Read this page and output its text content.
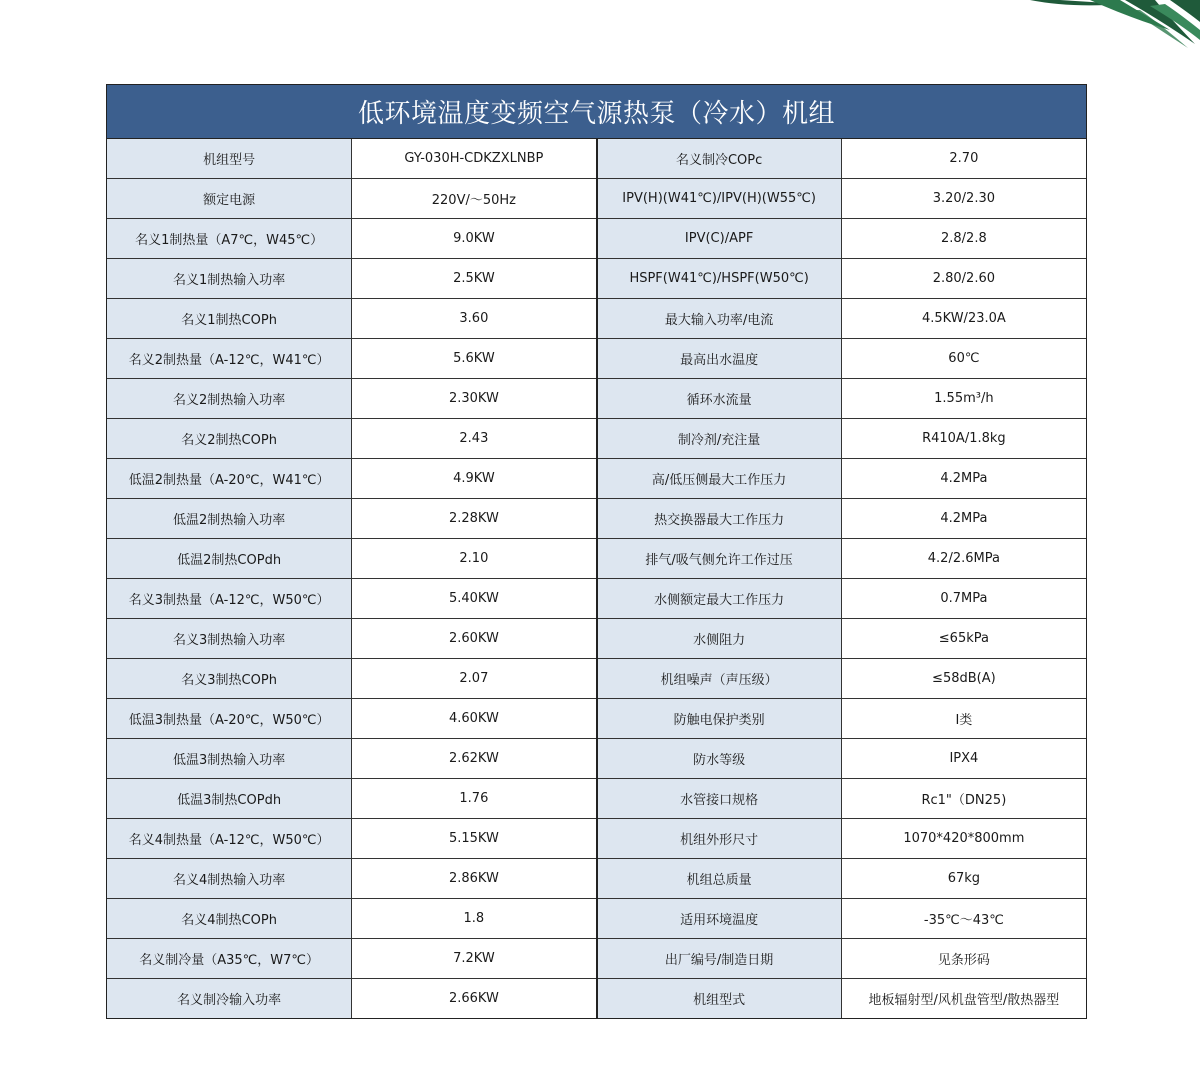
低环境温度变频空气源热泵（冷水）机组
机组型号	GY-030H-CDKZXLNBP	名义制冷COPc	2.70
额定电源	220V/～50Hz	IPV(H)(W41℃)/IPV(H)(W55℃)	3.20/2.30
名义1制热量（A7℃，W45℃）	9.0KW	IPV(C)/APF	2.8/2.8
名义1制热输入功率	2.5KW	HSPF(W41℃)/HSPF(W50℃)	2.80/2.60
名义1制热COPh	3.60	最大输入功率/电流	4.5KW/23.0A
名义2制热量（A-12℃，W41℃）	5.6KW	最高出水温度	60℃
名义2制热输入功率	2.30KW	循环水流量	1.55m³/h
名义2制热COPh	2.43	制冷剂/充注量	R410A/1.8kg
低温2制热量（A-20℃，W41℃）	4.9KW	高/低压侧最大工作压力	4.2MPa
低温2制热输入功率	2.28KW	热交换器最大工作压力	4.2MPa
低温2制热COPdh	2.10	排气/吸气侧允许工作过压	4.2/2.6MPa
名义3制热量（A-12℃，W50℃）	5.40KW	水侧额定最大工作压力	0.7MPa
名义3制热输入功率	2.60KW	水侧阻力	≤65kPa
名义3制热COPh	2.07	机组噪声（声压级）	≤58dB(A)
低温3制热量（A-20℃，W50℃）	4.60KW	防触电保护类别	I类
低温3制热输入功率	2.62KW	防水等级	IPX4
低温3制热COPdh	1.76	水管接口规格	Rc1"（DN25)
名义4制热量（A-12℃，W50℃）	5.15KW	机组外形尺寸	1070*420*800mm
名义4制热输入功率	2.86KW	机组总质量	67kg
名义4制热COPh	1.8	适用环境温度	-35℃～43℃
名义制冷量（A35℃，W7℃）	7.2KW	出厂编号/制造日期	见条形码
名义制冷输入功率	2.66KW	机组型式	地板辐射型/风机盘管型/散热器型
